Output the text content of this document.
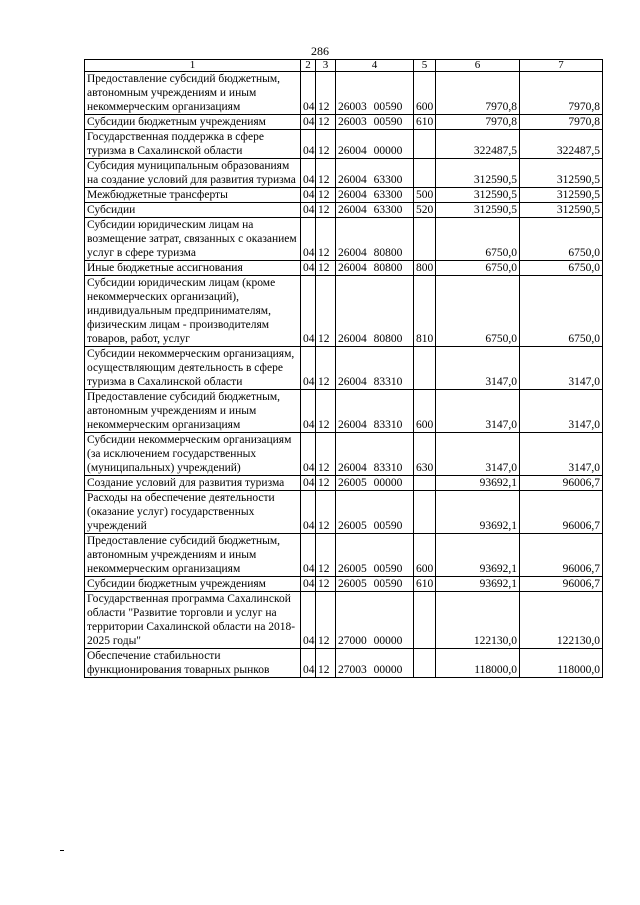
286
1	2	3	4	5	6	7
Предоставление субсидий бюджетным, автономным учреждениям и иным некоммерческим организациям	04	12	26003 00590	600	7970,8	7970,8
Субсидии бюджетным учреждениям	04	12	26003 00590	610	7970,8	7970,8
Государственная поддержка в сфере туризма в Сахалинской области	04	12	26004 00000		322487,5	322487,5
Субсидия муниципальным образованиям на создание условий для развития туризма	04	12	26004 63300		312590,5	312590,5
Межбюджетные трансферты	04	12	26004 63300	500	312590,5	312590,5
Субсидии	04	12	26004 63300	520	312590,5	312590,5
Субсидии юридическим лицам на возмещение затрат, связанных с оказанием услуг в сфере туризма	04	12	26004 80800		6750,0	6750,0
Иные бюджетные ассигнования	04	12	26004 80800	800	6750,0	6750,0
Субсидии юридическим лицам (кроме некоммерческих организаций), индивидуальным предпринимателям, физическим лицам - производителям товаров, работ, услуг	04	12	26004 80800	810	6750,0	6750,0
Субсидии некоммерческим организациям, осуществляющим деятельность в сфере туризма в Сахалинской области	04	12	26004 83310		3147,0	3147,0
Предоставление субсидий бюджетным, автономным учреждениям и иным некоммерческим организациям	04	12	26004 83310	600	3147,0	3147,0
Субсидии некоммерческим организациям (за исключением государственных (муниципальных) учреждений)	04	12	26004 83310	630	3147,0	3147,0
Создание условий для развития туризма	04	12	26005 00000		93692,1	96006,7
Расходы на обеспечение деятельности (оказание услуг) государственных учреждений	04	12	26005 00590		93692,1	96006,7
Предоставление субсидий бюджетным, автономным учреждениям и иным некоммерческим организациям	04	12	26005 00590	600	93692,1	96006,7
Субсидии бюджетным учреждениям	04	12	26005 00590	610	93692,1	96006,7
Государственная программа Сахалинской области "Развитие торговли и услуг на территории Сахалинской области на 2018-2025 годы"	04	12	27000 00000		122130,0	122130,0
Обеспечение стабильности функционирования товарных рынков	04	12	27003 00000		118000,0	118000,0
